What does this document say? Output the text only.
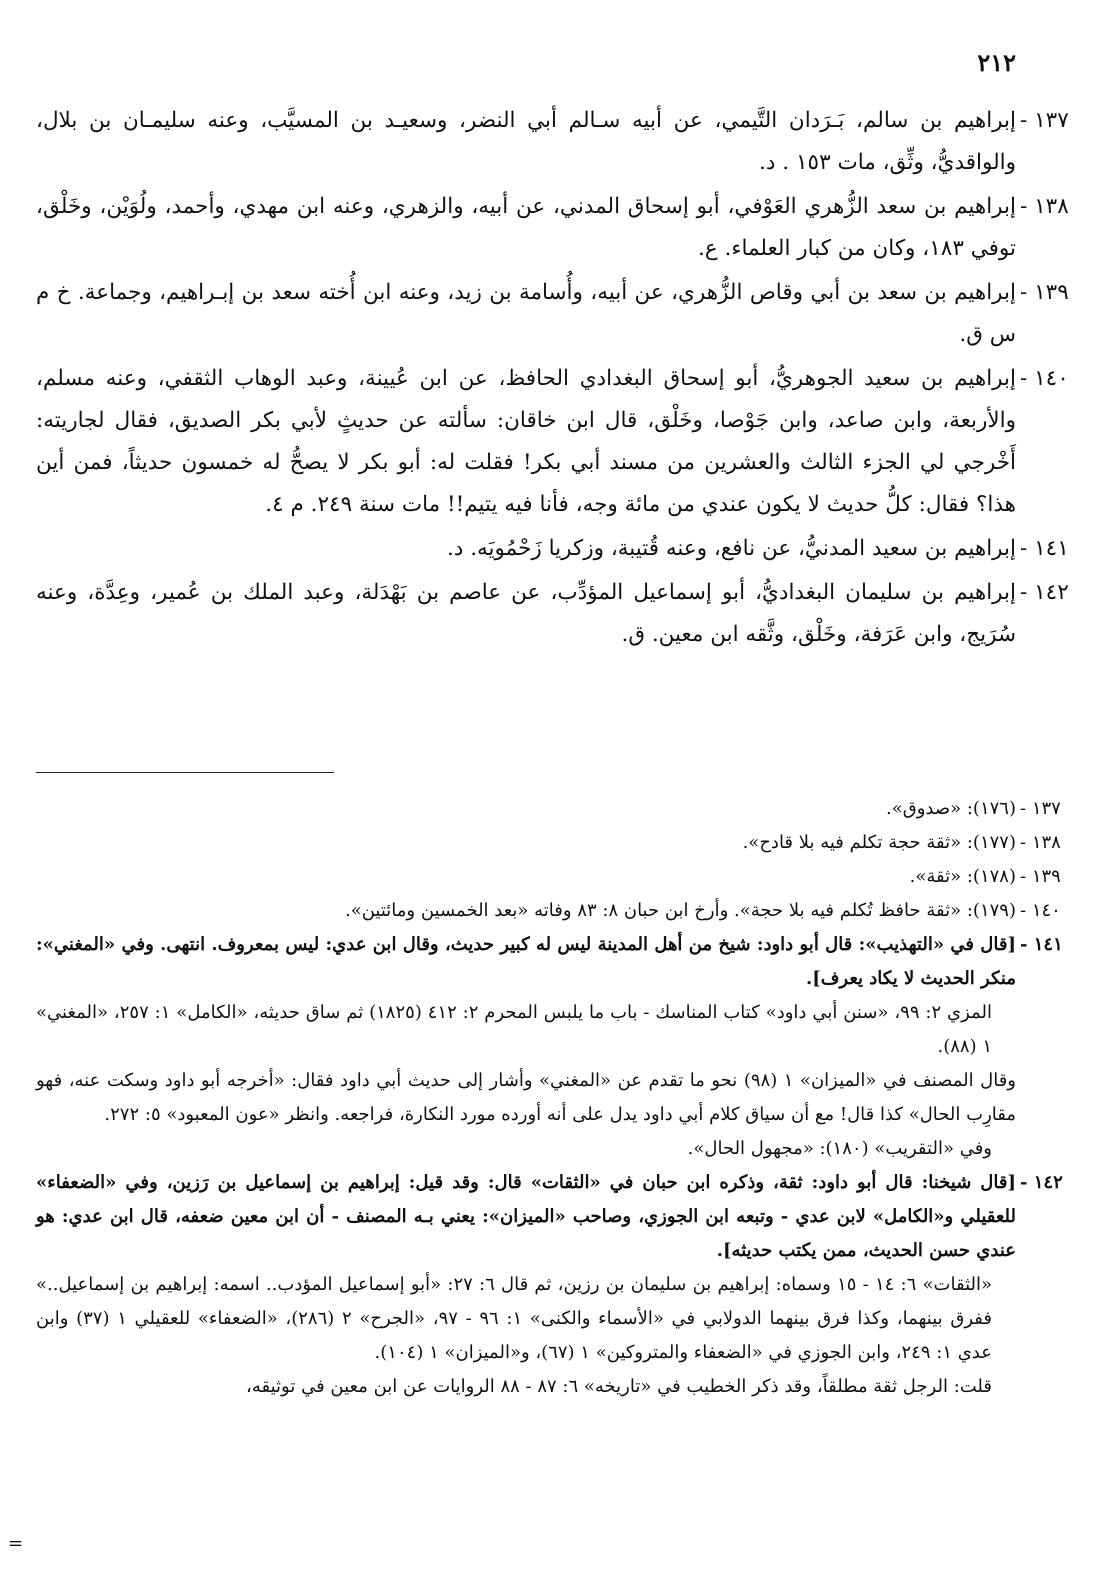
٢١٢

١٣٧ -
إبراهيم بن سالم، بَـرَدان التَّيمي، عن أبيه سـالم أبي النضر، وسعيـد بن المسيَّب، وعنه سليمـان بن بلال، والواقديُّ، وثِّق، مات ١٥٣ . د.

١٣٨ -
إبراهيم بن سعد الزُّهري العَوْفي، أبو إسحاق المدني، عن أبيه، والزهري، وعنه ابن مهدي، وأحمد، ولُوَيْن، وخَلْق، توفي ١٨٣، وكان من كبار العلماء. ع.

١٣٩ -
إبراهيم بن سعد بن أبي وقاص الزُّهري، عن أبيه، وأُسامة بن زيد، وعنه ابن أُخته سعد بن إبـراهيم، وجماعة. خ م س ق.

١٤٠ -
إبراهيم بن سعيد الجوهريُّ، أبو إسحاق البغدادي الحافظ، عن ابن عُيينة، وعبد الوهاب الثقفي، وعنه مسلم، والأربعة، وابن صاعد، وابن جَوْصا، وخَلْق، قال ابن خاقان: سألته عن حديثٍ لأبي بكر الصديق، فقال لجاريته: أَخْرجي لي الجزء الثالث والعشرين من مسند أبي بكر! فقلت له: أبو بكر لا يصحُّ له خمسون حديثاً، فمن أين هذا؟ فقال: كلُّ حديث لا يكون عندي من مائة وجه، فأنا فيه يتيم!! مات سنة ٢٤٩. م ٤.

١٤١ -
إبراهيم بن سعيد المدنيُّ، عن نافع، وعنه قُتيبة، وزكريا زَحْمُويَه. د.

١٤٢ -
إبراهيم بن سليمان البغداديُّ، أبو إسماعيل المؤدِّب، عن عاصم بن بَهْدَلة، وعبد الملك بن عُمير، وعِدَّة، وعنه سُرَيج، وابن عَرَفة، وخَلْق، وثَّقه ابن معين. ق.

١٣٧ -
(١٧٦): «صدوق».

١٣٨ -
(١٧٧): «ثقة حجة تكلم فيه بلا قادح».

١٣٩ -
(١٧٨): «ثقة».

١٤٠ -
(١٧٩): «ثقة حافظ تُكلم فيه بلا حجة». وأرخ ابن حبان ٨: ٨٣ وفاته «بعد الخمسين ومائتين».

١٤١ -
[قال في «التهذيب»: قال أبو داود: شيخ من أهل المدينة ليس له كبير حديث، وقال ابن عدي: ليس بمعروف. انتهى. وفي «المغني»: منكر الحديث لا يكاد يعرف].

المزي ٢: ٩٩، «سنن أبي داود» كتاب المناسك - باب ما يلبس المحرم ٢: ٤١٢ (١٨٢٥) ثم ساق حديثه، «الكامل» ١: ٢٥٧، «المغني» ١ (٨٨).

وقال المصنف في «الميزان» ١ (٩٨) نحو ما تقدم عن «المغني» وأشار إلى حديث أبي داود فقال: «أخرجه أبو داود وسكت عنه، فهو مقارِب الحال» كذا قال! مع أن سياق كلام أبي داود يدل على أنه أورده مورد النكارة، فراجعه. وانظر «عون المعبود» ٥: ٢٧٢.

وفي «التقريب» (١٨٠): «مجهول الحال».

١٤٢ -
[قال شيخنا: قال أبو داود: ثقة، وذكره ابن حبان في «الثقات» قال: وقد قيل: إبراهيم بن إسماعيل بن رَزين، وفي «الضعفاء» للعقيلي و«الكامل» لابن عدي - وتبعه ابن الجوزي، وصاحب «الميزان»: يعني بـه المصنف - أن ابن معين ضعفه، قال ابن عدي: هو عندي حسن الحديث، ممن يكتب حديثه].

«الثقات» ٦: ١٤ - ١٥ وسماه: إبراهيم بن سليمان بن رزين، ثم قال ٦: ٢٧: «أبو إسماعيل المؤدب.. اسمه: إبراهيم بن إسماعيل..» ففرق بينهما، وكذا فرق بينهما الدولابي في «الأسماء والكنى» ١: ٩٦ - ٩٧، «الجرح» ٢ (٢٨٦)، «الضعفاء» للعقيلي ١ (٣٧) وابن عدي ١: ٢٤٩، وابن الجوزي في «الضعفاء والمتروكين» ١ (٦٧)، و«الميزان» ١ (١٠٤).

قلت: الرجل ثقة مطلقاً، وقد ذكر الخطيب في «تاريخه» ٦: ٨٧ - ٨٨ الروايات عن ابن معين في توثيقه،

=
